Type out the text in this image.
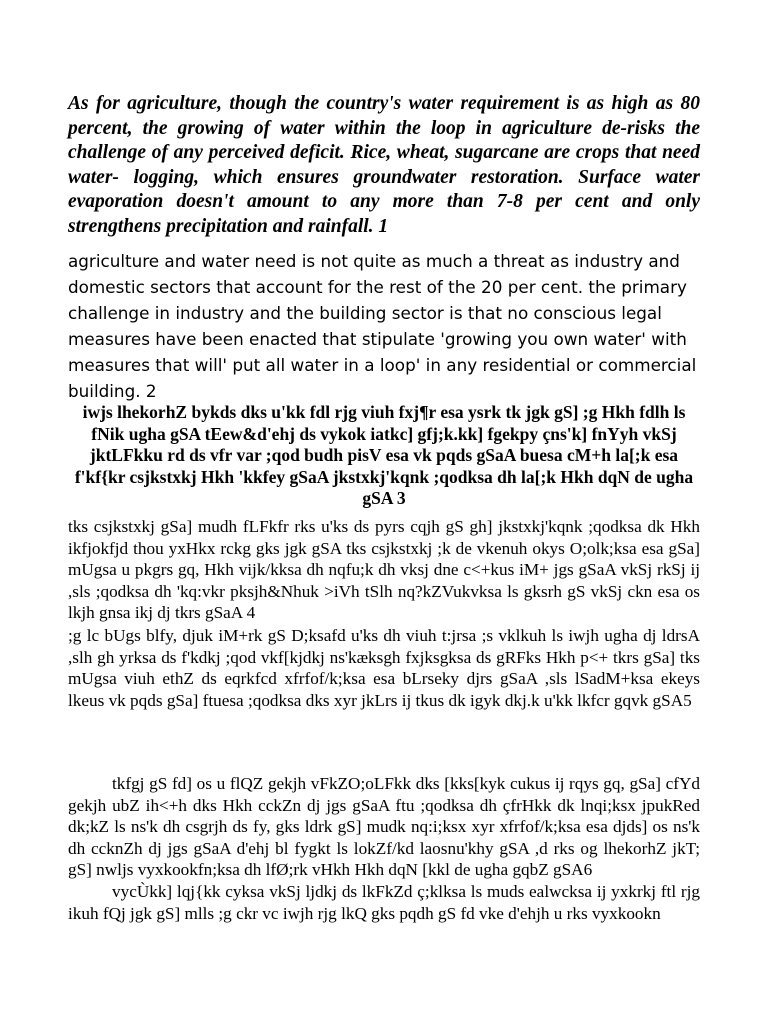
As for agriculture, though the country's water requirement is as high as 80 percent, the growing of water within the loop in agriculture de-risks the challenge of any perceived deficit. Rice, wheat, sugarcane are crops that need water- logging, which ensures groundwater restoration. Surface water evaporation doesn't amount to any more than 7-8 per cent and only strengthens precipitation and rainfall. 1

agriculture and water need is not quite as much a threat as industry and domestic sectors that account for the rest of the 20 per cent. the primary challenge in industry and the building sector is that no conscious legal measures have been enacted that stipulate 'growing you own water' with measures that will' put all water in a loop' in any residential or commercial building. 2

iwjs lhekorhZ bykds dks u'kk fdl rjg viuh fxj¶r esa ysrk tk jgk gS] ;g Hkh fdlh ls fNik ugha gSA tEew&d'ehj ds vykok iatkc] gfj;k.kk] fgekpy çns'k] fnYyh vkSj jktLFkku rd ds vfr var ;qod budh pisV esa vk pqds gSaA buesa cM+h la[;k esa f'kf{kr csjkstxkj Hkh 'kkfey gSaA jkstxkj'kqnk ;qodksa dh la[;k Hkh dqN de ugha gSA 3

tks csjkstxkj gSa] mudh fLFkfr rks u'ks ds pyrs cqjh gS gh] jkstxkj'kqnk ;qodksa dk Hkh ikfjokfjd thou yxHkx rckg gks jgk gSA tks csjkstxkj ;k de vkenuh okys O;olk;ksa esa gSa] mUgsa u pkgrs gq, Hkh vijk/kksa dh nqfu;k dh vksj dne c<+kus iM+ jgs gSaA vkSj rkSj ij ,sls ;qodksa dh 'kq:vkr pksjh&Nhuk >iVh tSlh nq?kZVukvksa ls gksrh gS vkSj ckn esa os lkjh gnsa ikj dj tkrs gSaA 4

;g lc bUgs blfy, djuk iM+rk gS D;ksafd u'ks dh viuh t:jrsa ;s vklkuh ls iwjh ugha dj ldrsA ,slh gh yrksa ds f'kdkj ;qod vkf[kjdkj ns'kæksgh fxjksgksa ds gRFks Hkh p<+ tkrs gSa] tks mUgsa viuh ethZ ds eqrkfcd xfrfof/k;ksa esa bLrseky djrs gSaA ,sls lSadM+ksa ekeys lkeus vk pqds gSa] ftuesa ;qodksa dks xyr jkLrs ij tkus dk igyk dkj.k u'kk lkfcr gqvk gSA5

tkfgj gS fd] os u flQZ gekjh vFkZO;oLFkk dks [kks[kyk cukus ij rqys gq, gSa] cfYd gekjh ubZ ih<+h dks Hkh cckZn dj jgs gSaA ftu ;qodksa dh çfrHkk dk lnqi;ksx jpukRed dk;kZ ls ns'k dh csgrjh ds fy, gks ldrk gS] mudk nq:i;ksx xyr xfrfof/k;ksa esa djds] os ns'k dh ccknZh dj jgs gSaA d'ehj bl fygkt ls lokZf/kd laosnu'khy gSA ,d rks og lhekorhZ jkT; gS] nwljs vyxkookfn;ksa dh lfØ;rk vHkh Hkh dqN [kkl de ugha gqbZ gSA6

vycÙkk] lqj{kk cyksa vkSj ljdkj ds lkFkZd ç;klksa ls muds ealwcksa ij yxkrkj ftl rjg ikuh fQj jgk gS] mlls ;g ckr vc iwjh rjg lkQ gks pqdh gS fd vke d'ehjh u rks vyxkookn
